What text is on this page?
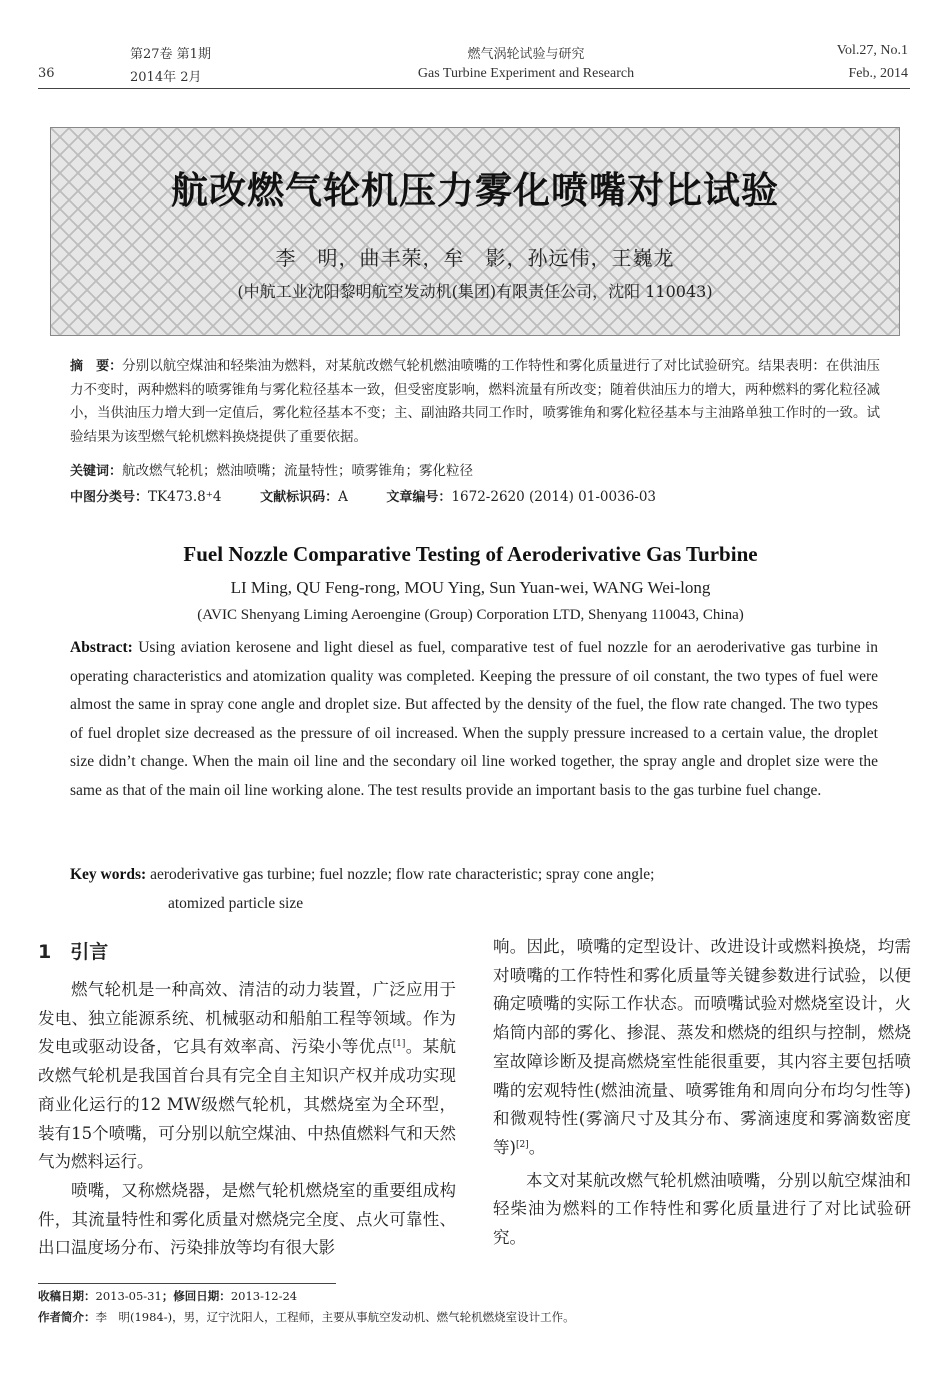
36
第27卷 第1期
2014年 2月
燃气涡轮试验与研究
Gas Turbine Experiment and Research
Vol.27, No.1
Feb., 2014
航改燃气轮机压力雾化喷嘴对比试验
李　明，曲丰荣，牟　影，孙远伟，王巍龙
(中航工业沈阳黎明航空发动机(集团)有限责任公司，沈阳 110043)
摘　要：分别以航空煤油和轻柴油为燃料，对某航改燃气轮机燃油喷嘴的工作特性和雾化质量进行了对比试验研究。结果表明：在供油压力不变时，两种燃料的喷雾锥角与雾化粒径基本一致，但受密度影响，燃料流量有所改变；随着供油压力的增大，两种燃料的雾化粒径减小，当供油压力增大到一定值后，雾化粒径基本不变；主、副油路共同工作时，喷雾锥角和雾化粒径基本与主油路单独工作时的一致。试验结果为该型燃气轮机燃料换烧提供了重要依据。
关键词：航改燃气轮机；燃油喷嘴；流量特性；喷雾锥角；雾化粒径
中图分类号：TK473.8⁺4	文献标识码：A	文章编号：1672-2620 (2014) 01-0036-03
Fuel Nozzle Comparative Testing of Aeroderivative Gas Turbine
LI Ming, QU Feng-rong, MOU Ying, Sun Yuan-wei, WANG Wei-long
(AVIC Shenyang Liming Aeroengine (Group) Corporation LTD, Shenyang 110043, China)
Abstract: Using aviation kerosene and light diesel as fuel, comparative test of fuel nozzle for an aeroderivative gas turbine in operating characteristics and atomization quality was completed. Keeping the pressure of oil constant, the two types of fuel were almost the same in spray cone angle and droplet size. But affected by the density of the fuel, the flow rate changed. The two types of fuel droplet size decreased as the pressure of oil increased. When the supply pressure increased to a certain value, the droplet size didn’t change. When the main oil line and the secondary oil line worked together, the spray angle and droplet size were the same as that of the main oil line working alone. The test results provide an important basis to the gas turbine fuel change.
Key words: aeroderivative gas turbine; fuel nozzle; flow rate characteristic; spray cone angle;
atomized particle size
1　引言

燃气轮机是一种高效、清洁的动力装置，广泛应用于发电、独立能源系统、机械驱动和船舶工程等领域。作为发电或驱动设备，它具有效率高、污染小等优点[1]。某航改燃气轮机是我国首台具有完全自主知识产权并成功实现商业化运行的12 MW级燃气轮机，其燃烧室为全环型，装有15个喷嘴，可分别以航空煤油、中热值燃料气和天然气为燃料运行。

喷嘴，又称燃烧器，是燃气轮机燃烧室的重要组成构件，其流量特性和雾化质量对燃烧完全度、点火可靠性、出口温度场分布、污染排放等均有很大影

响。因此，喷嘴的定型设计、改进设计或燃料换烧，均需对喷嘴的工作特性和雾化质量等关键参数进行试验，以便确定喷嘴的实际工作状态。而喷嘴试验对燃烧室设计，火焰筒内部的雾化、掺混、蒸发和燃烧的组织与控制，燃烧室故障诊断及提高燃烧室性能很重要，其内容主要包括喷嘴的宏观特性(燃油流量、喷雾锥角和周向分布均匀性等)和微观特性(雾滴尺寸及其分布、雾滴速度和雾滴数密度等)[2]。

本文对某航改燃气轮机燃油喷嘴，分别以航空煤油和轻柴油为燃料的工作特性和雾化质量进行了对比试验研究。

收稿日期：2013-05-31；修回日期：2013-12-24
作者简介：李　明(1984-)，男，辽宁沈阳人，工程师，主要从事航空发动机、燃气轮机燃烧室设计工作。
